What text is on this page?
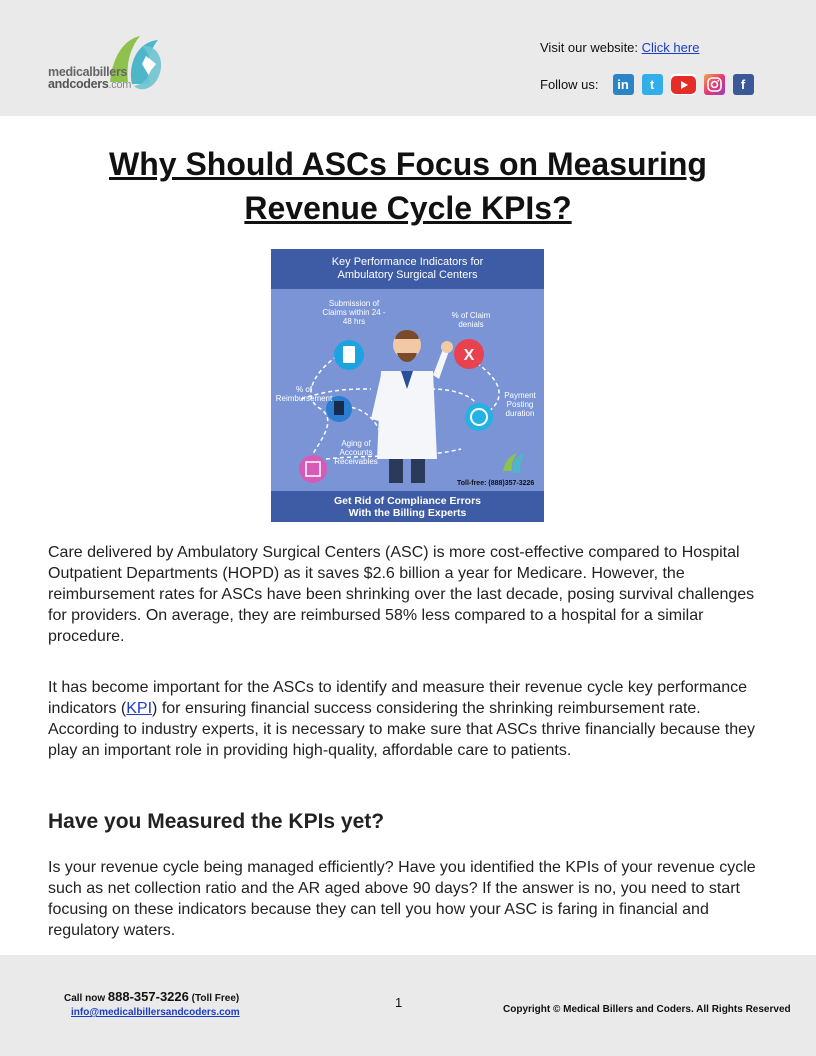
medicalbillers
andcoders.com
Visit our website: Click here
Follow us:	in	t	f
Why Should ASCs Focus on Measuring
Revenue Cycle KPIs?
Key Performance Indicators for
Ambulatory Surgical Centers
X
Submission of Claims within 24 - 48 hrs
% of Claim denials
% of Reimbursement	Payment Posting duration
Aging of Accounts Receivables
Toll-free: (888)357-3226
Get Rid of Compliance Errors
With the Billing Experts
Care delivered by Ambulatory Surgical Centers (ASC) is more cost-effective compared to Hospital Outpatient Departments (HOPD) as it saves $2.6 billion a year for Medicare. However, the reimbursement rates for ASCs have been shrinking over the last decade, posing survival challenges for providers. On average, they are reimbursed 58% less compared to a hospital for a similar procedure.
It has become important for the ASCs to identify and measure their revenue cycle key performance indicators (KPI) for ensuring financial success considering the shrinking reimbursement rate. According to industry experts, it is necessary to make sure that ASCs thrive financially because they play an important role in providing high-quality, affordable care to patients.
Have you Measured the KPIs yet?
Is your revenue cycle being managed efficiently? Have you identified the KPIs of your revenue cycle such as net collection ratio and the AR aged above 90 days? If the answer is no, you need to start focusing on these indicators because they can tell you how your ASC is faring in financial and regulatory waters.
Call now 888-357-3226 (Toll Free)
info@medicalbillersandcoders.com
1	Copyright © Medical Billers and Coders. All Rights Reserved
